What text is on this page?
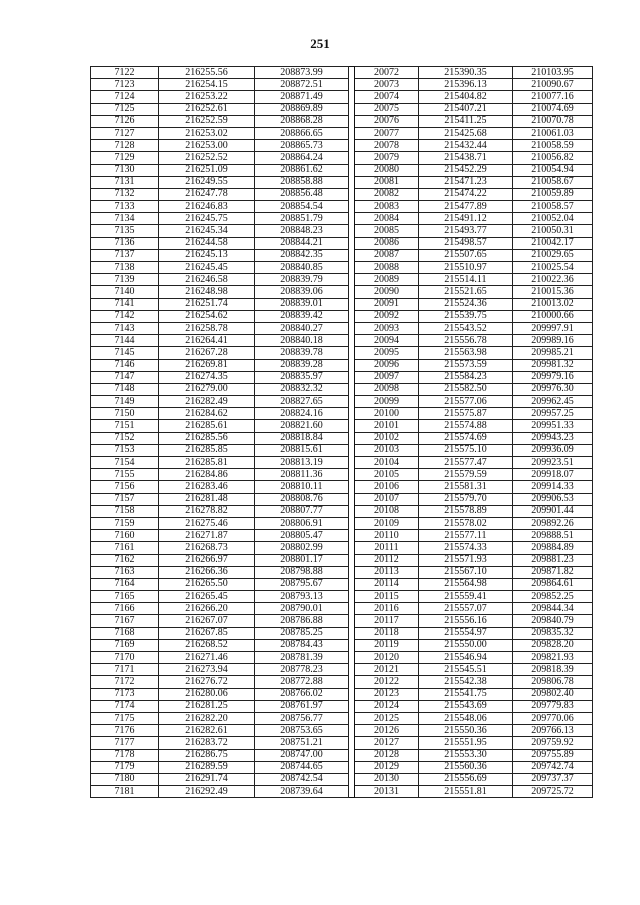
251
7122	216255.56	208873.99		20072	215390.35	210103.95
7123	216254.15	208872.51		20073	215396.13	210090.67
7124	216253.22	208871.49		20074	215404.82	210077.16
7125	216252.61	208869.89		20075	215407.21	210074.69
7126	216252.59	208868.28		20076	215411.25	210070.78
7127	216253.02	208866.65		20077	215425.68	210061.03
7128	216253.00	208865.73		20078	215432.44	210058.59
7129	216252.52	208864.24		20079	215438.71	210056.82
7130	216251.09	208861.62		20080	215452.29	210054.94
7131	216249.55	208858.88		20081	215471.23	210058.67
7132	216247.78	208856.48		20082	215474.22	210059.89
7133	216246.83	208854.54		20083	215477.89	210058.57
7134	216245.75	208851.79		20084	215491.12	210052.04
7135	216245.34	208848.23		20085	215493.77	210050.31
7136	216244.58	208844.21		20086	215498.57	210042.17
7137	216245.13	208842.35		20087	215507.65	210029.65
7138	216245.45	208840.85		20088	215510.97	210025.54
7139	216246.58	208839.79		20089	215514.11	210022.36
7140	216248.98	208839.06		20090	215521.65	210015.36
7141	216251.74	208839.01		20091	215524.36	210013.02
7142	216254.62	208839.42		20092	215539.75	210000.66
7143	216258.78	208840.27		20093	215543.52	209997.91
7144	216264.41	208840.18		20094	215556.78	209989.16
7145	216267.28	208839.78		20095	215563.98	209985.21
7146	216269.81	208839.28		20096	215573.59	209981.32
7147	216274.35	208835.97		20097	215584.23	209979.16
7148	216279.00	208832.32		20098	215582.50	209976.30
7149	216282.49	208827.65		20099	215577.06	209962.45
7150	216284.62	208824.16		20100	215575.87	209957.25
7151	216285.61	208821.60		20101	215574.88	209951.33
7152	216285.56	208818.84		20102	215574.69	209943.23
7153	216285.85	208815.61		20103	215575.10	209936.09
7154	216285.81	208813.19		20104	215577.47	209923.51
7155	216284.86	208811.36		20105	215579.59	209918.07
7156	216283.46	208810.11		20106	215581.31	209914.33
7157	216281.48	208808.76		20107	215579.70	209906.53
7158	216278.82	208807.77		20108	215578.89	209901.44
7159	216275.46	208806.91		20109	215578.02	209892.26
7160	216271.87	208805.47		20110	215577.11	209888.51
7161	216268.73	208802.99		20111	215574.33	209884.89
7162	216266.97	208801.17		20112	215571.93	209881.23
7163	216266.36	208798.88		20113	215567.10	209871.82
7164	216265.50	208795.67		20114	215564.98	209864.61
7165	216265.45	208793.13		20115	215559.41	209852.25
7166	216266.20	208790.01		20116	215557.07	209844.34
7167	216267.07	208786.88		20117	215556.16	209840.79
7168	216267.85	208785.25		20118	215554.97	209835.32
7169	216268.52	208784.43		20119	215550.00	209828.20
7170	216271.46	208781.39		20120	215546.94	209821.93
7171	216273.94	208778.23		20121	215545.51	209818.39
7172	216276.72	208772.88		20122	215542.38	209806.78
7173	216280.06	208766.02		20123	215541.75	209802.40
7174	216281.25	208761.97		20124	215543.69	209779.83
7175	216282.20	208756.77		20125	215548.06	209770.06
7176	216282.61	208753.65		20126	215550.36	209766.13
7177	216283.72	208751.21		20127	215551.95	209759.92
7178	216286.75	208747.00		20128	215553.30	209755.89
7179	216289.59	208744.65		20129	215560.36	209742.74
7180	216291.74	208742.54		20130	215556.69	209737.37
7181	216292.49	208739.64		20131	215551.81	209725.72
